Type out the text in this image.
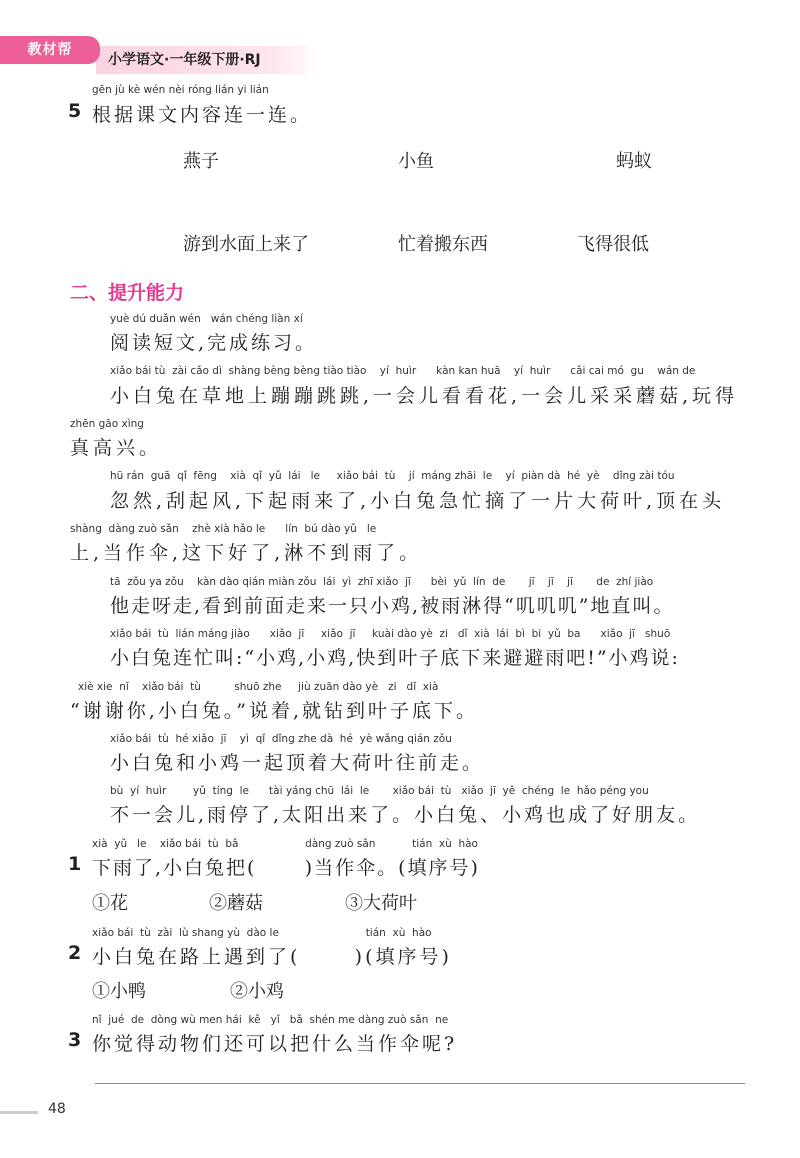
教材帮
小学语文·一年级下册·RJ
gēn jù kè wén nèi róng lián yi lián
5 根据课文内容连一连。
燕子	小鱼	蚂蚁
游到水面上来了	忙着搬东西	飞得很低
二、提升能力
yuè dú duǎn wén   wán chéng liàn xí
阅读短文,完成练习。
xiǎo bái tù  zài cǎo dì  shàng bèng bèng tiào tiào    yí  huìr      kàn kan huā    yí  huìr      cǎi cai mó  gu    wán de
小白兔在草地上蹦蹦跳跳,一会儿看看花,一会儿采采蘑菇,玩得
zhēn gāo xìng
真高兴。
hū rán  guā  qǐ  fēng    xià  qǐ  yǔ  lái   le     xiǎo bái  tù    jí  máng zhāi  le    yí  piàn dà  hé  yè    dǐng zài tóu
忽然,刮起风,下起雨来了,小白兔急忙摘了一片大荷叶,顶在头
shàng  dàng zuò sǎn    zhè xià hǎo le      lín  bú dào yǔ   le
上,当作伞,这下好了,淋不到雨了。
tā  zǒu ya zǒu    kàn dào qián miàn zǒu  lái  yì  zhī xiǎo  jī      bèi  yǔ  lín  de       jī    jī    jī       de  zhí jiào
他走呀走,看到前面走来一只小鸡,被雨淋得“叽叽叽”地直叫。
xiǎo bái  tù  lián máng jiào      xiǎo  jī     xiǎo  jī     kuài dào yè  zi   dǐ  xià  lái  bì  bi  yǔ  ba      xiǎo  jī   shuō
小白兔连忙叫:“小鸡,小鸡,快到叶子底下来避避雨吧!”小鸡说:
xiè xie  nǐ    xiǎo bái  tù          shuō zhe     jiù zuān dào yè   zi   dǐ  xià
“谢谢你,小白兔。”说着,就钻到叶子底下。
xiǎo bái  tù  hé xiǎo  jī    yì  qǐ  dǐng zhe dà  hé  yè wǎng qián zǒu
小白兔和小鸡一起顶着大荷叶往前走。
bù  yí  huìr        yǔ  tíng  le      tài yáng chū  lái  le       xiǎo bái  tù   xiǎo  jī  yě  chéng  le  hǎo péng you
不一会儿,雨停了,太阳出来了。小白兔、小鸡也成了好朋友。
xià  yǔ   le    xiǎo bái  tù  bǎ                    dàng zuò sǎn           tián  xù  hào
1 下雨了,小白兔把(      )当作伞。(填序号)
①花	②蘑菇	③大荷叶
xiǎo bái  tù  zài  lù shang yù  dào le                          tián  xù  hào
2 小白兔在路上遇到了(      )(填序号)
①小鸭	②小鸡
nǐ  jué  de  dòng wù men hái  kě   yǐ   bǎ  shén me dàng zuò sǎn  ne
3 你觉得动物们还可以把什么当作伞呢?
48
